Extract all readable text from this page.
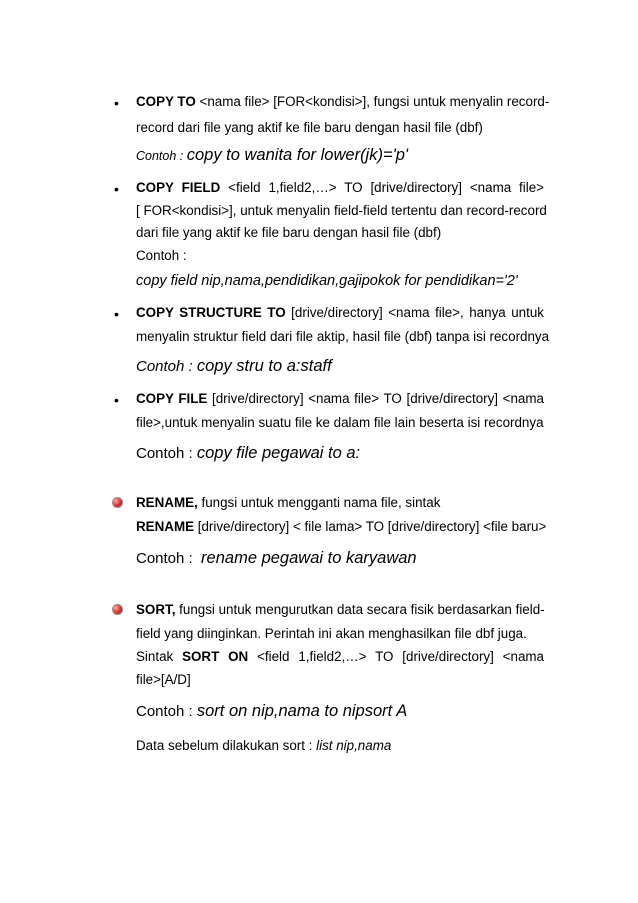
• COPY TO <nama file> [FOR<kondisi>], fungsi untuk menyalin record-
record dari file yang aktif ke file baru dengan hasil file (dbf)
Contoh : copy to wanita for lower(jk)='p'
• COPY FIELD <field 1,field2,…> TO [drive/directory] <nama file>
[ FOR<kondisi>], untuk menyalin field-field tertentu dan record-record
dari file yang aktif ke file baru dengan hasil file (dbf)
Contoh :
copy field nip,nama,pendidikan,gajipokok for pendidikan='2'
• COPY STRUCTURE TO [drive/directory] <nama file>, hanya untuk
menyalin struktur field dari file aktip, hasil file (dbf) tanpa isi recordnya
Contoh : copy stru to a:staff
• COPY FILE [drive/directory] <nama file> TO [drive/directory] <nama
file>,untuk menyalin suatu file ke dalam file lain beserta isi recordnya
Contoh : copy file pegawai to a:
RENAME, fungsi untuk mengganti nama file, sintak
RENAME [drive/directory] < file lama> TO [drive/directory] <file baru>
Contoh :  rename pegawai to karyawan
SORT, fungsi untuk mengurutkan data secara fisik berdasarkan field-
field yang diinginkan. Perintah ini akan menghasilkan file dbf juga.
Sintak SORT ON <field 1,field2,…> TO [drive/directory] <nama
file>[A/D]
Contoh : sort on nip,nama to nipsort A
Data sebelum dilakukan sort : list nip,nama
